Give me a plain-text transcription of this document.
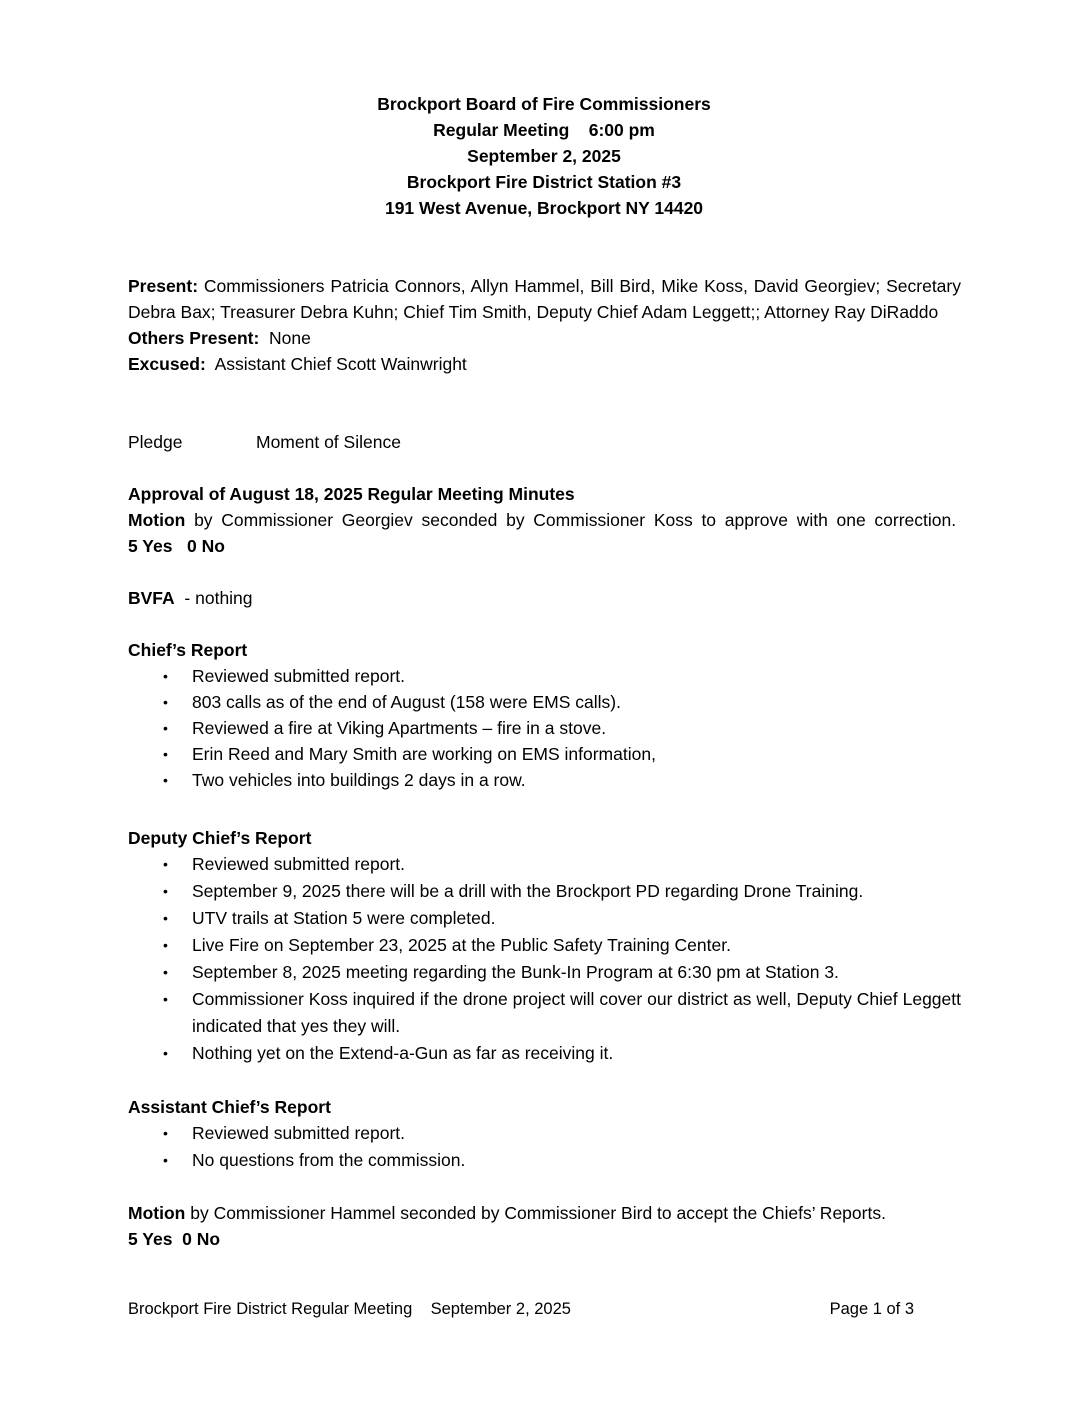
Brockport Board of Fire Commissioners
Regular Meeting    6:00 pm
September 2, 2025
Brockport Fire District Station #3
191 West Avenue, Brockport NY 14420
Present: Commissioners Patricia Connors, Allyn Hammel, Bill Bird, Mike Koss, David Georgiev; Secretary Debra Bax; Treasurer Debra Kuhn; Chief Tim Smith, Deputy Chief Adam Leggett;; Attorney Ray DiRaddo
Others Present: None
Excused: Assistant Chief Scott Wainwright
Pledge	Moment of Silence
Approval of August 18, 2025 Regular Meeting Minutes
Motion by Commissioner Georgiev seconded by Commissioner Koss to approve with one correction.  5 Yes   0 No
BVFA - nothing
Chief’s Report
• Reviewed submitted report.
• 803 calls as of the end of August (158 were EMS calls).
• Reviewed a fire at Viking Apartments – fire in a stove.
• Erin Reed and Mary Smith are working on EMS information,
• Two vehicles into buildings 2 days in a row.
Deputy Chief’s Report
• Reviewed submitted report.
• September 9, 2025 there will be a drill with the Brockport PD regarding Drone Training.
• UTV trails at Station 5 were completed.
• Live Fire on September 23, 2025 at the Public Safety Training Center.
• September 8, 2025 meeting regarding the Bunk-In Program at 6:30 pm at Station 3.
• Commissioner Koss inquired if the drone project will cover our district as well, Deputy Chief Leggett indicated that yes they will.
• Nothing yet on the Extend-a-Gun as far as receiving it.
Assistant Chief’s Report
• Reviewed submitted report.
• No questions from the commission.
Motion by Commissioner Hammel seconded by Commissioner Bird to accept the Chiefs’ Reports.
5 Yes  0 No
Brockport Fire District Regular Meeting    September 2, 2025	Page 1 of 3
